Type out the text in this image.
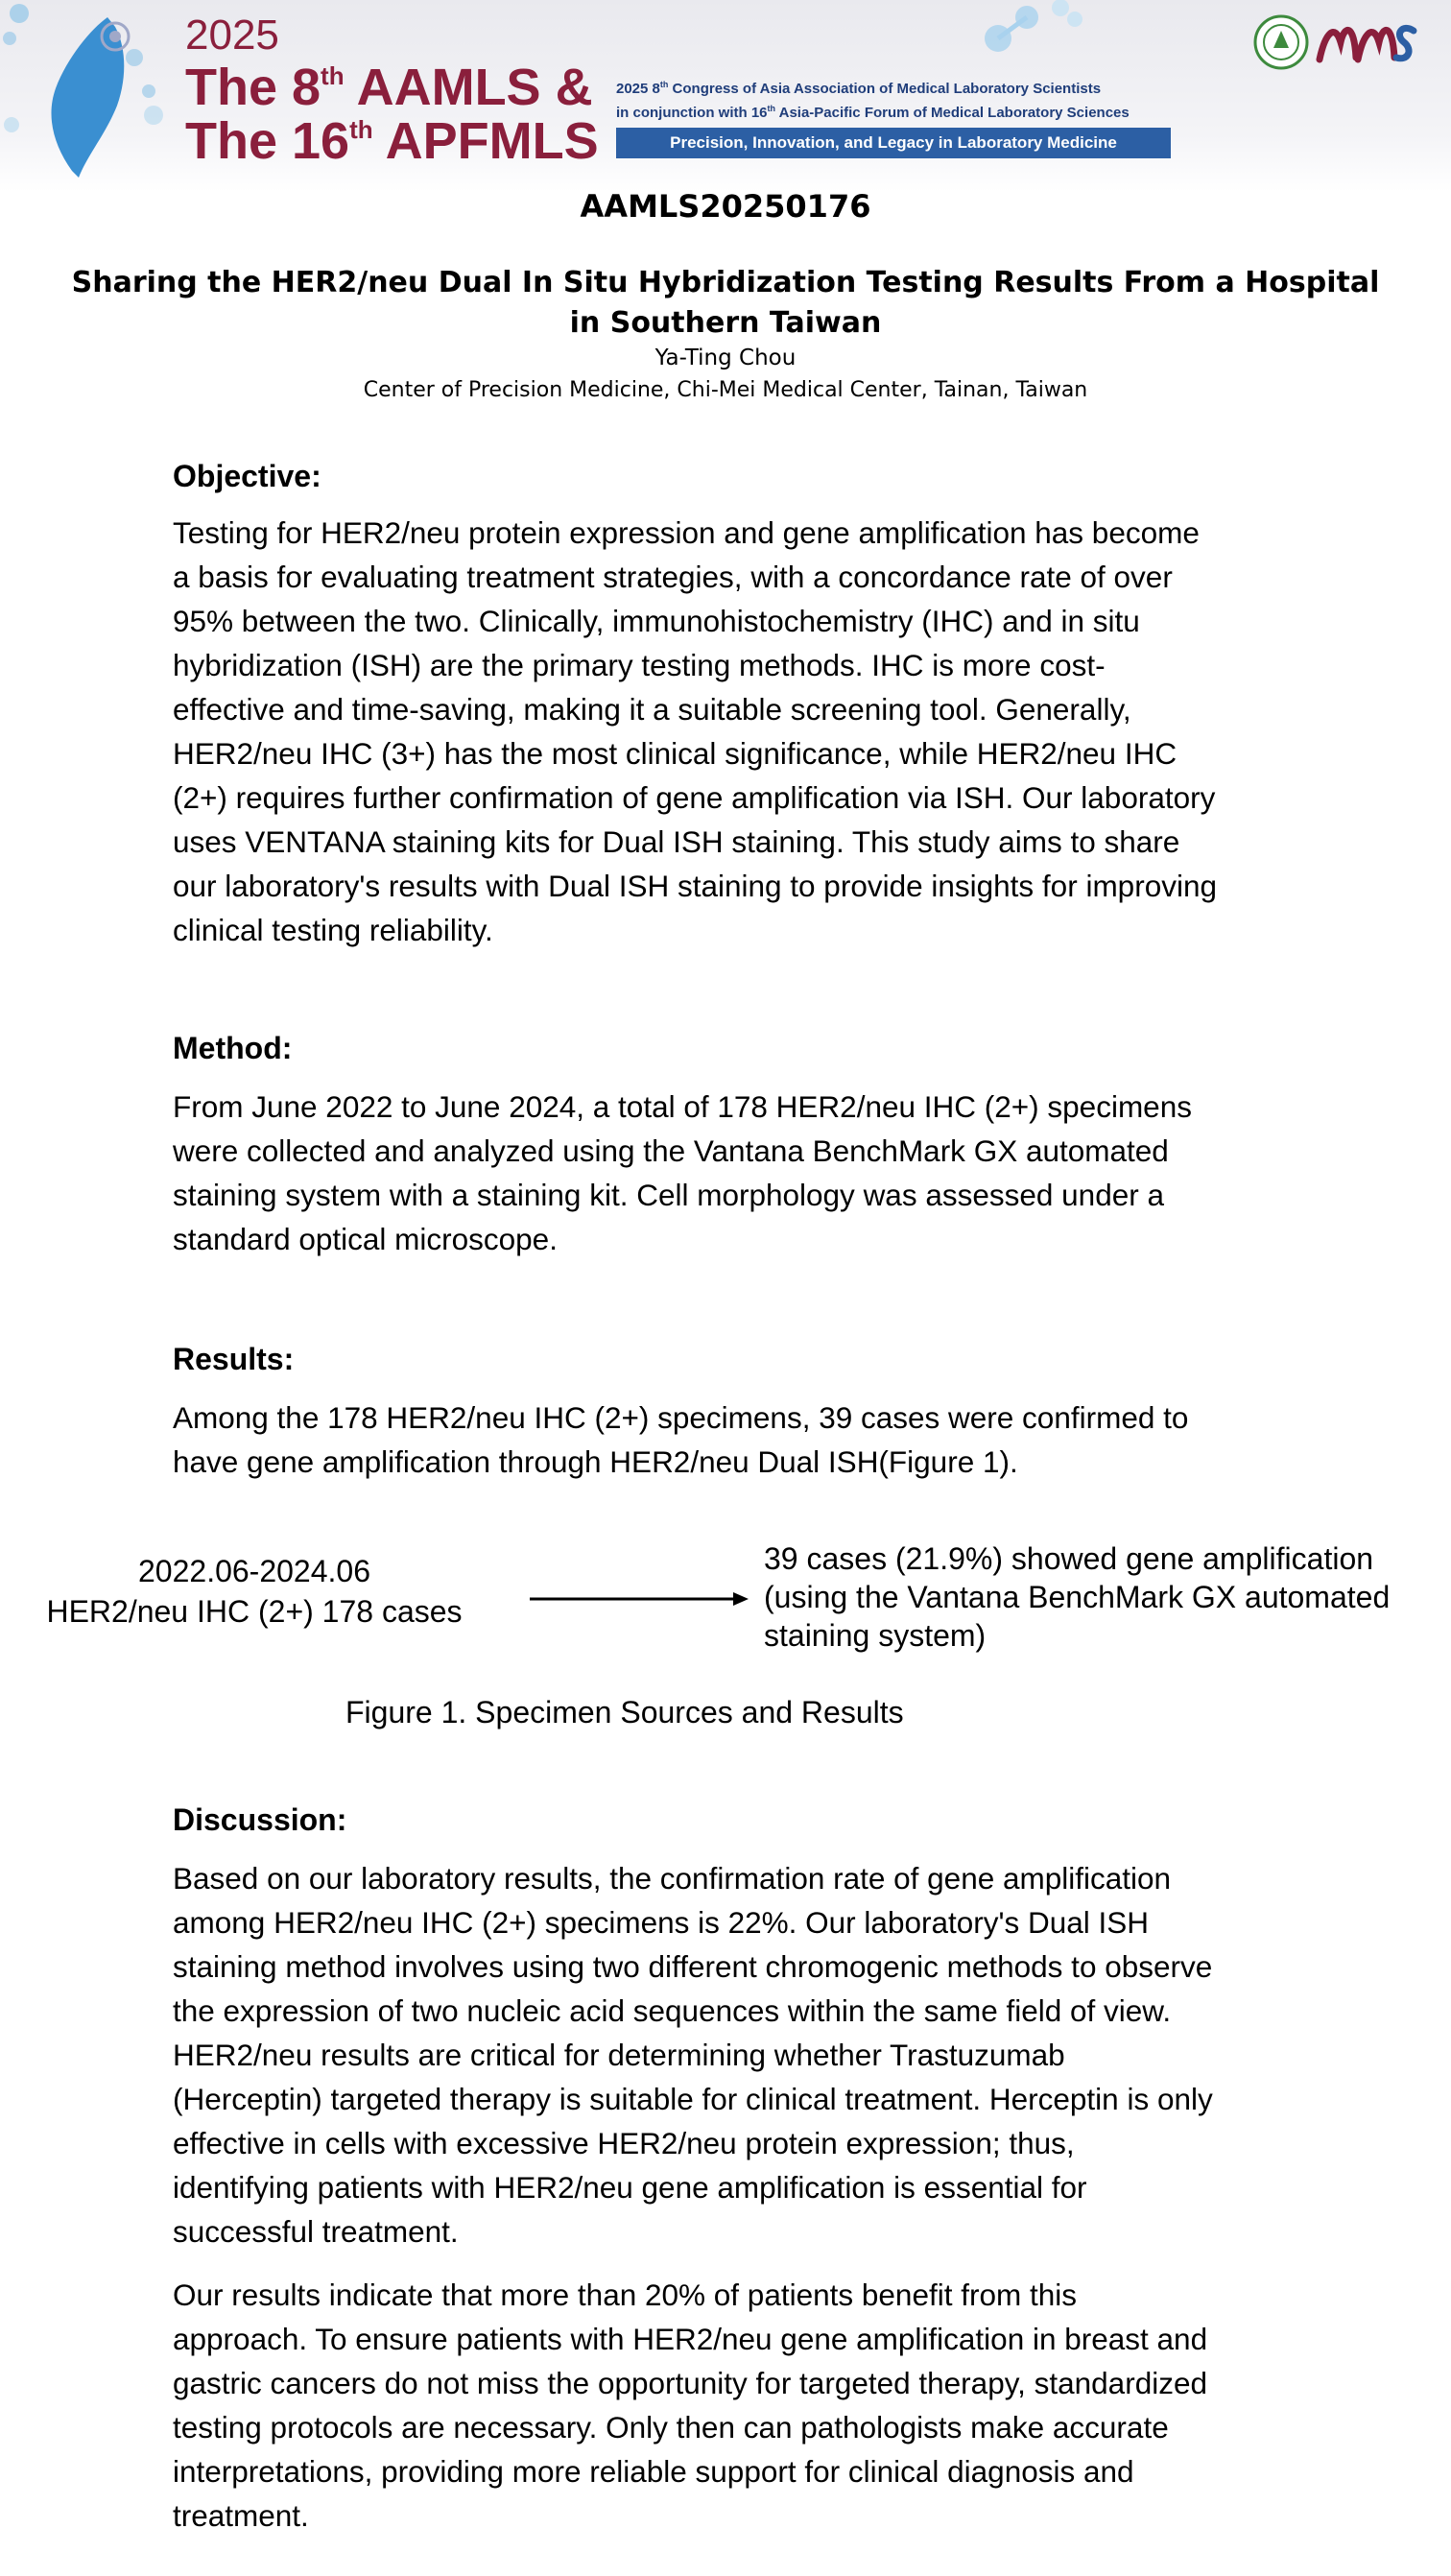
2025
The 8th AAMLS &
The 16th APFMLS
2025 8th Congress of Asia Association of Medical Laboratory Scientists
in conjunction with 16th Asia-Pacific Forum of Medical Laboratory Sciences
Precision, Innovation, and Legacy in Laboratory Medicine

AAMLS20250176
Sharing the HER2/neu Dual In Situ Hybridization Testing Results From a Hospital in Southern Taiwan
Ya-Ting Chou
Center of Precision Medicine, Chi-Mei Medical Center, Tainan, Taiwan
Objective:
Testing for HER2/neu protein expression and gene amplification has become
a basis for evaluating treatment strategies, with a concordance rate of over
95% between the two. Clinically, immunohistochemistry (IHC) and in situ
hybridization (ISH) are the primary testing methods. IHC is more cost-
effective and time-saving, making it a suitable screening tool. Generally,
HER2/neu IHC (3+) has the most clinical significance, while HER2/neu IHC
(2+) requires further confirmation of gene amplification via ISH. Our laboratory
uses VENTANA staining kits for Dual ISH staining. This study aims to share
our laboratory's results with Dual ISH staining to provide insights for improving
clinical testing reliability.
Method:
From June 2022 to June 2024, a total of 178 HER2/neu IHC (2+) specimens
were collected and analyzed using the Vantana BenchMark GX automated
staining system with a staining kit. Cell morphology was assessed under a
standard optical microscope.
Results:
Among the 178 HER2/neu IHC (2+) specimens, 39 cases were confirmed to
have gene amplification through HER2/neu Dual ISH(Figure 1).
2022.06-2024.06
HER2/neu IHC (2+) 178 cases
39 cases (21.9%) showed gene amplification
(using the Vantana BenchMark GX automated
staining system)
Figure 1. Specimen Sources and Results
Discussion:
Based on our laboratory results, the confirmation rate of gene amplification
among HER2/neu IHC (2+) specimens is 22%. Our laboratory's Dual ISH
staining method involves using two different chromogenic methods to observe
the expression of two nucleic acid sequences within the same field of view.
HER2/neu results are critical for determining whether Trastuzumab
(Herceptin) targeted therapy is suitable for clinical treatment. Herceptin is only
effective in cells with excessive HER2/neu protein expression; thus,
identifying patients with HER2/neu gene amplification is essential for
successful treatment.
Our results indicate that more than 20% of patients benefit from this
approach. To ensure patients with HER2/neu gene amplification in breast and
gastric cancers do not miss the opportunity for targeted therapy, standardized
testing protocols are necessary. Only then can pathologists make accurate
interpretations, providing more reliable support for clinical diagnosis and
treatment.
